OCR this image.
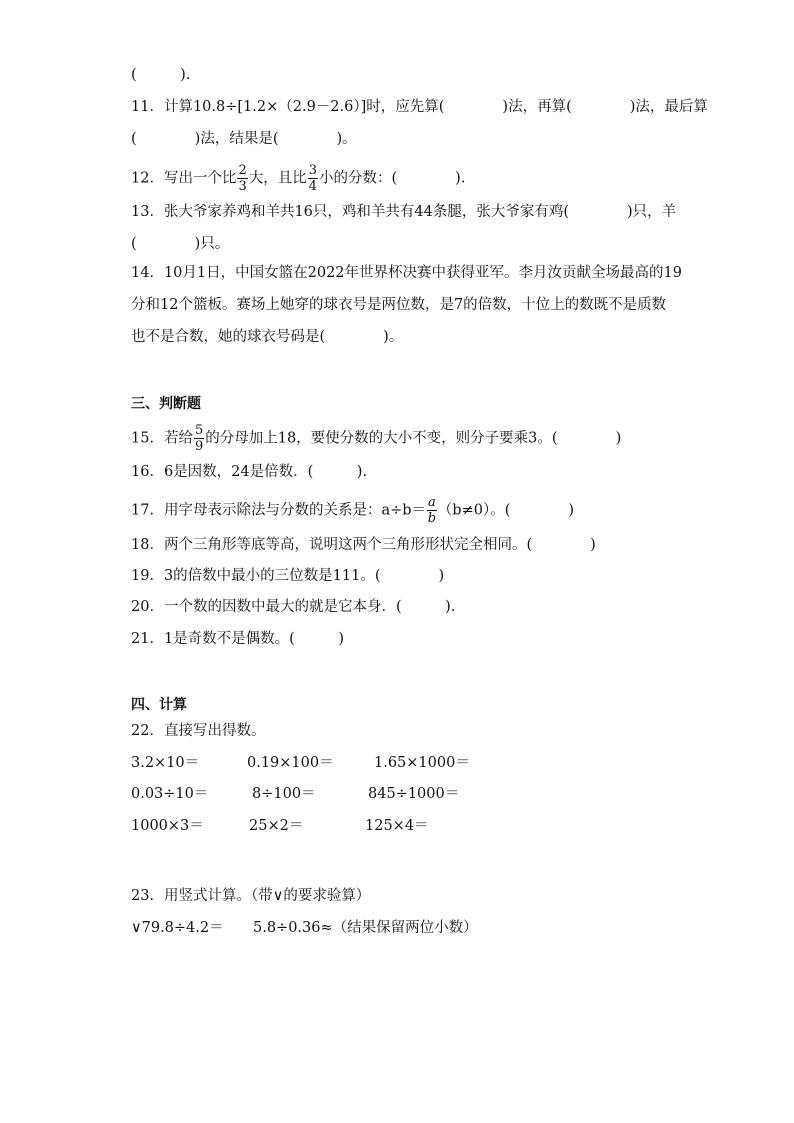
(　　　).
11．计算10.8÷[1.2×（2.9－2.6）]时，应先算(　　　　)法，再算(　　　　)法，最后算
(　　　　)法，结果是(　　　　)。
12．写出一个比 $\frac{2}{3}$ 大，且比 $\frac{3}{4}$ 小的分数：(　　　　).
13．张大爷家养鸡和羊共16只，鸡和羊共有44条腿，张大爷家有鸡(　　　　)只，羊
(　　　　)只。
14．10月1日，中国女篮在2022年世界杯决赛中获得亚军。李月汝贡献全场最高的19
分和12个篮板。赛场上她穿的球衣号是两位数，是7的倍数，十位上的数既不是质数
也不是合数，她的球衣号码是(　　　　)。
三、判断题
15．若给 $\frac{5}{9}$ 的分母加上18，要使分数的大小不变，则分子要乘3。(　　　　)
16．6是因数，24是倍数．(　　　).
17．用字母表示除法与分数的关系是：$a\div b= \frac{a}{b} (b\ne 0)$。(　　　　)
18．两个三角形等底等高，说明这两个三角形形状完全相同。(　　　　)
19．3的倍数中最小的三位数是111。(　　　　)
20．一个数的因数中最大的就是它本身．(　　　).
21．1是奇数不是偶数。(　　　)
四、计算
22．直接写出得数。
3.2×10＝	0.19×100＝	1.65×1000＝
0.03÷10＝	8÷100＝	845÷1000＝
1000×3＝	25×2＝	125×4＝
23．用竖式计算。（带∨的要求验算）
∨79.8÷4.2＝ 5.8÷0.36≈（结果保留两位小数）
